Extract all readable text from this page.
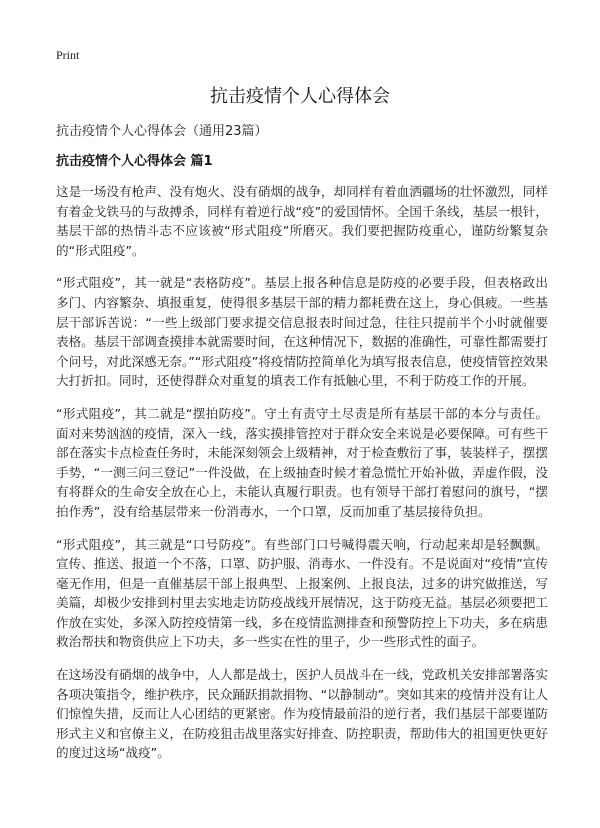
Print
抗击疫情个人心得体会
抗击疫情个人心得体会（通用23篇）
抗击疫情个人心得体会 篇1

这是一场没有枪声、没有炮火、没有硝烟的战争，却同样有着血洒疆场的壮怀激烈，同样有着金戈铁马的与敌搏杀，同样有着逆行战“疫”的爱国情怀。全国千条线，基层一根针，基层干部的热情斗志不应该被“形式阻疫”所磨灭。我们要把握防疫重心，谨防纷繁复杂的“形式阻疫”。

“形式阻疫”，其一就是“表格防疫”。基层上报各种信息是防疫的必要手段，但表格政出多门、内容繁杂、填报重复，使得很多基层干部的精力都耗费在这上，身心俱疲。一些基层干部诉苦说：“一些上级部门要求提交信息报表时间过急，往往只提前半个小时就催要表格。基层干部调查摸排本就需要时间，在这种情况下，数据的准确性，可靠性都需要打个问号，对此深感无奈。”“形式阻疫”将疫情防控简单化为填写报表信息，使疫情管控效果大打折扣。同时，还使得群众对重复的填表工作有抵触心里，不利于防疫工作的开展。

“形式阻疫”，其二就是“摆拍防疫”。守土有责守土尽责是所有基层干部的本分与责任。面对来势汹汹的疫情，深入一线，落实摸排管控对于群众安全来说是必要保障。可有些干部在落实卡点检查任务时，未能深刻领会上级精神，对于检查敷衍了事，装装样子，摆摆手势，“一测三问三登记”一件没做，在上级抽查时候才着急慌忙开始补做，弄虚作假，没有将群众的生命安全放在心上，未能认真履行职责。也有领导干部打着慰问的旗号，“摆拍作秀”，没有给基层带来一份消毒水，一个口罩，反而加重了基层接待负担。

“形式阻疫”，其三就是“口号防疫”。有些部门口号喊得震天响，行动起来却是轻飘飘。宣传、推送、报道一个不落，口罩、防护服、消毒水、一件没有。不是说面对“疫情”宣传毫无作用，但是一直催基层干部上报典型、上报案例、上报良法，过多的讲究做推送，写美篇，却极少安排到村里去实地走访防疫战线开展情况，这于防疫无益。基层必须要把工作放在实处，多深入防控疫情第一线，多在疫情监测排查和预警防控上下功夫，多在病患救治帮扶和物资供应上下功夫，多一些实在性的里子，少一些形式性的面子。

在这场没有硝烟的战争中，人人都是战士，医护人员战斗在一线，党政机关安排部署落实各项决策指令，维护秩序，民众踊跃捐款捐物、“以静制动”。突如其来的疫情并没有让人们惊惶失措，反而让人心团结的更紧密。作为疫情最前沿的逆行者，我们基层干部要谨防形式主义和官僚主义，在防疫狙击战里落实好排查、防控职责，帮助伟大的祖国更快更好的度过这场“战疫”。
